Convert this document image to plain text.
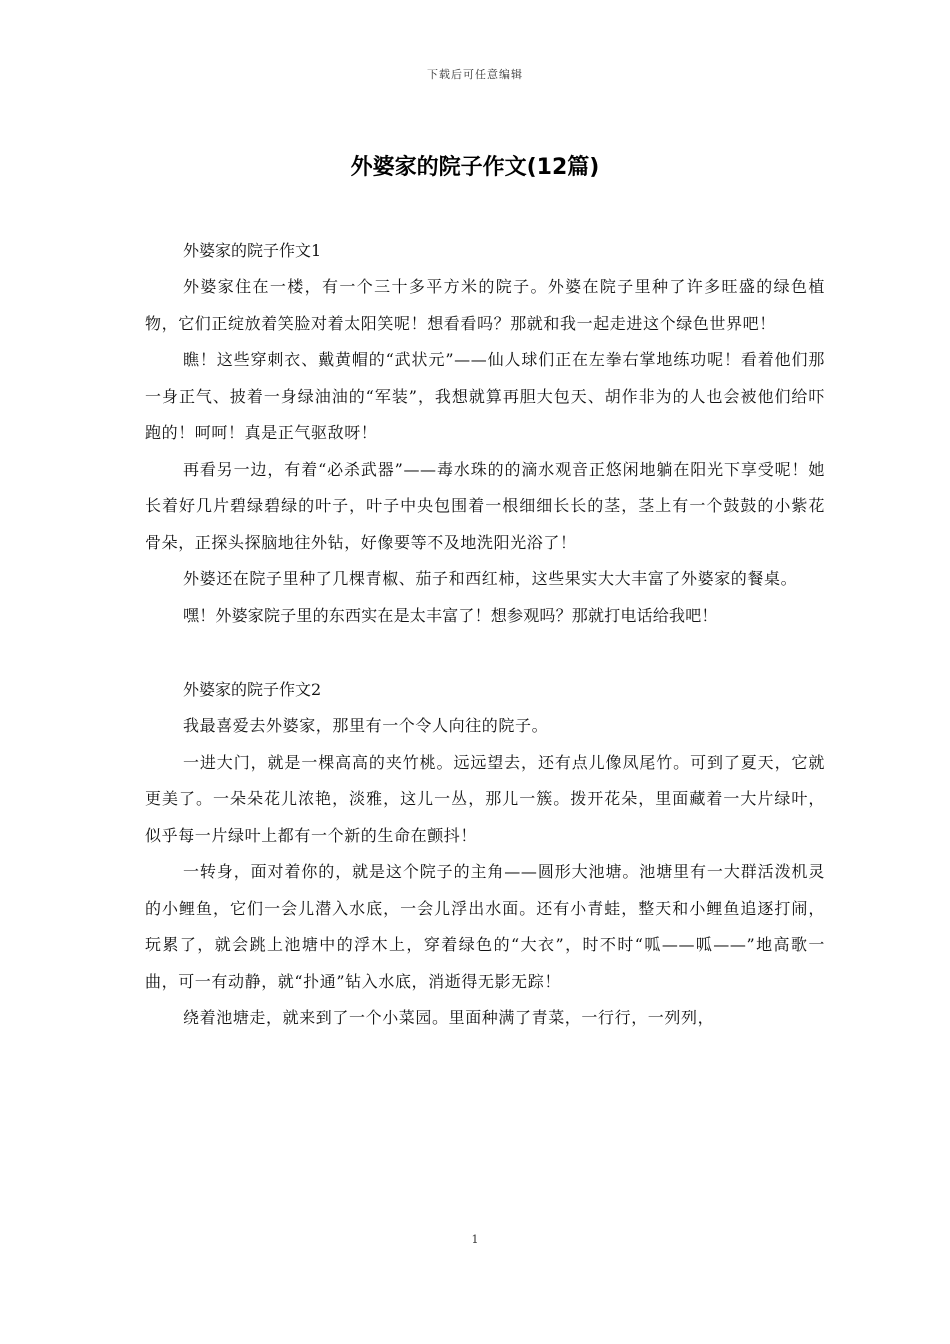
下载后可任意编辑
外婆家的院子作文(12篇)

外婆家的院子作文1

外婆家住在一楼，有一个三十多平方米的院子。外婆在院子里种了许多旺盛的绿色植物，它们正绽放着笑脸对着太阳笑呢！想看看吗？那就和我一起走进这个绿色世界吧！

瞧！这些穿刺衣、戴黄帽的“武状元”——仙人球们正在左拳右掌地练功呢！看着他们那一身正气、披着一身绿油油的“军装”，我想就算再胆大包天、胡作非为的人也会被他们给吓跑的！呵呵！真是正气驱敌呀！

再看另一边，有着“必杀武器”——毒水珠的的滴水观音正悠闲地躺在阳光下享受呢！她长着好几片碧绿碧绿的叶子，叶子中央包围着一根细细长长的茎，茎上有一个鼓鼓的小紫花骨朵，正探头探脑地往外钻，好像要等不及地洗阳光浴了！

外婆还在院子里种了几棵青椒、茄子和西红柿，这些果实大大丰富了外婆家的餐桌。

嘿！外婆家院子里的东西实在是太丰富了！想参观吗？那就打电话给我吧！

外婆家的院子作文2

我最喜爱去外婆家，那里有一个令人向往的院子。

一进大门，就是一棵高高的夹竹桃。远远望去，还有点儿像凤尾竹。可到了夏天，它就更美了。一朵朵花儿浓艳，淡雅，这儿一丛，那儿一簇。拨开花朵，里面藏着一大片绿叶，似乎每一片绿叶上都有一个新的生命在颤抖！

一转身，面对着你的，就是这个院子的主角——圆形大池塘。池塘里有一大群活泼机灵的小鲤鱼，它们一会儿潜入水底，一会儿浮出水面。还有小青蛙，整天和小鲤鱼追逐打闹，玩累了，就会跳上池塘中的浮木上，穿着绿色的“大衣”，时不时“呱——呱——”地高歌一曲，可一有动静，就“扑通”钻入水底，消逝得无影无踪！

绕着池塘走，就来到了一个小菜园。里面种满了青菜，一行行，一列列，

1
